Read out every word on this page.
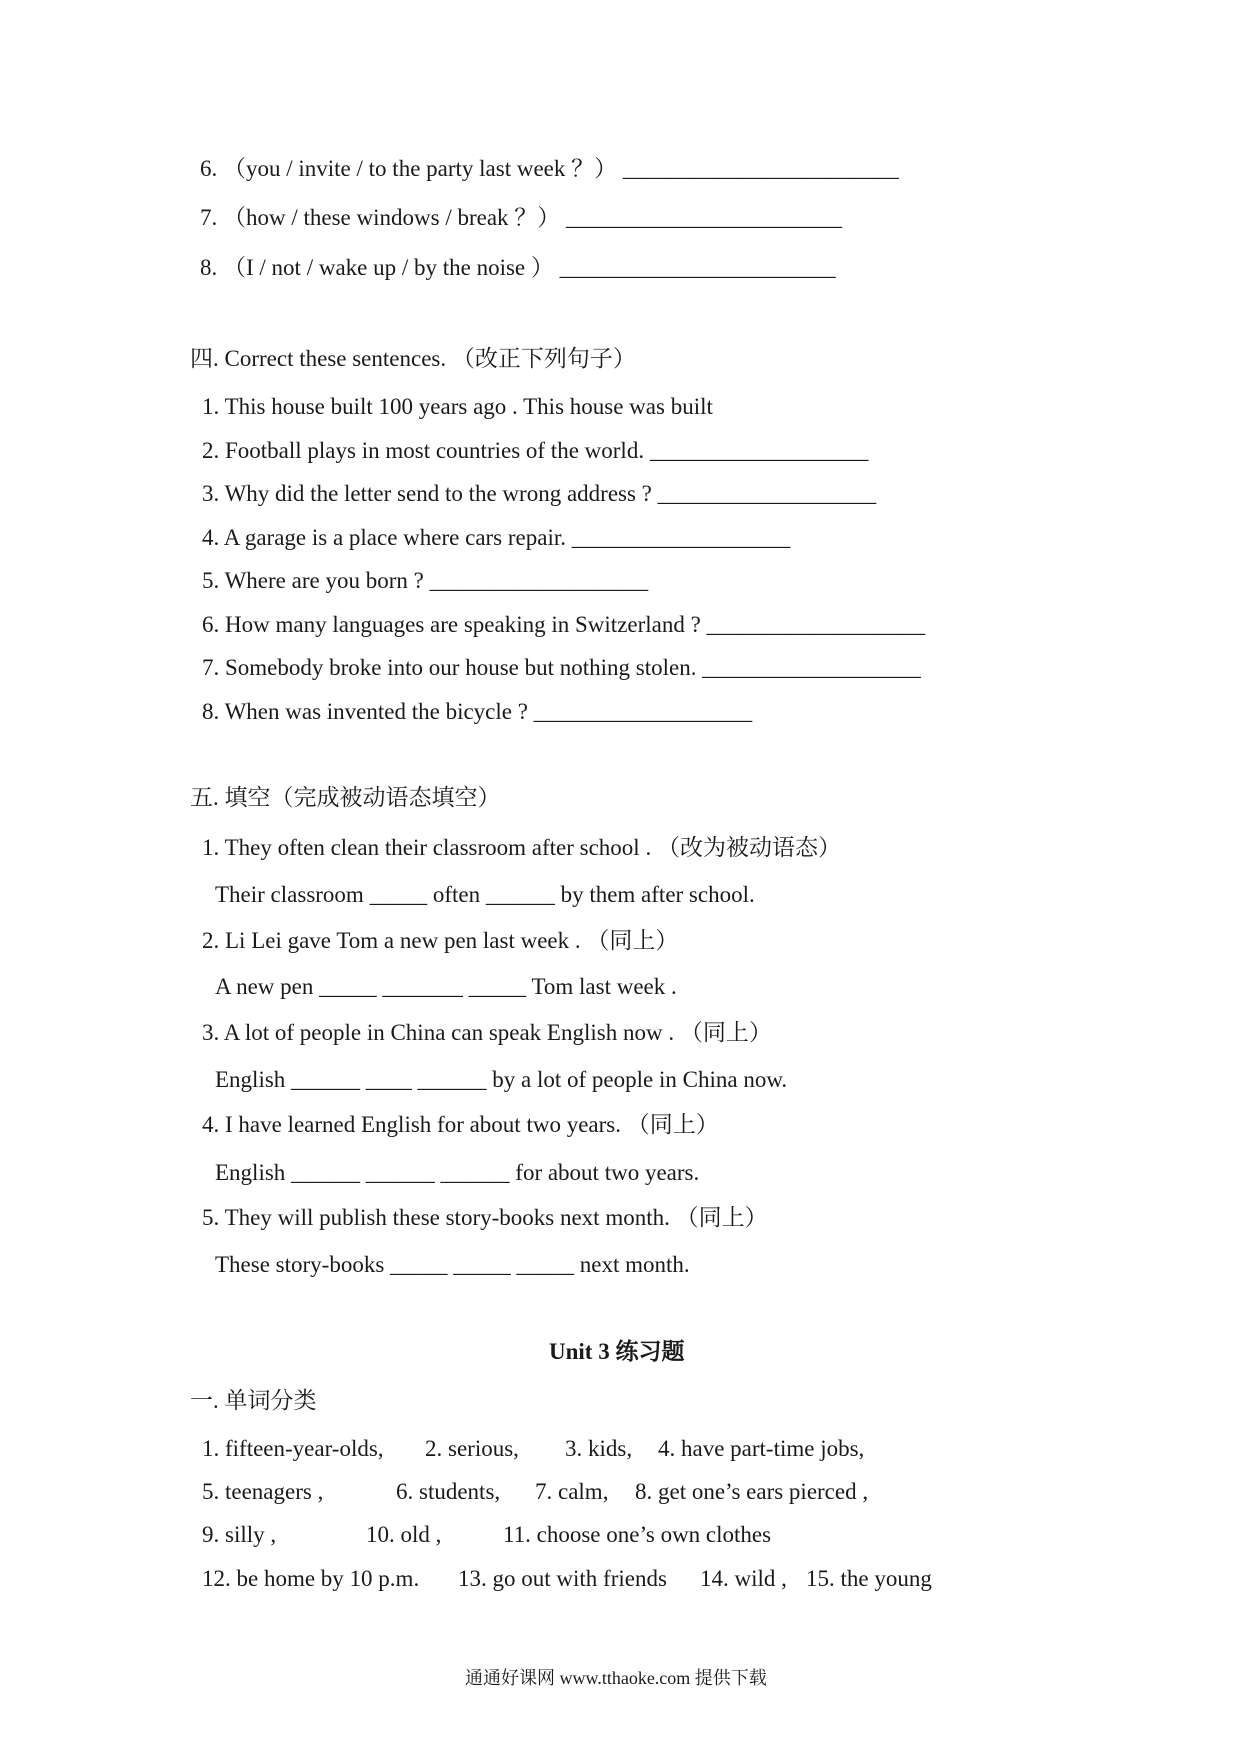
6. （you / invite / to the party last week ？） ________________________
7. （how / these windows / break ？） ________________________
8. （I / not / wake up / by the noise ） ________________________
四. Correct these sentences. （改正下列句子）
1. This house built 100 years ago . This house was built
2. Football plays in most countries of the world. ___________________
3. Why did the letter send to the wrong address ? ___________________
4. A garage is a place where cars repair. ___________________
5. Where are you born ? ___________________
6. How many languages are speaking in Switzerland ? ___________________
7. Somebody broke into our house but nothing stolen. ___________________
8. When was invented the bicycle ? ___________________
五. 填空（完成被动语态填空）
1. They often clean their classroom after school . （改为被动语态）
Their classroom _____ often ______ by them after school.
2. Li Lei gave Tom a new pen last week . （同上）
A new pen _____ _______ _____ Tom last week .
3. A lot of people in China can speak English now . （同上）
English ______ ____ ______ by a lot of people in China now.
4. I have learned English for about two years. （同上）
English ______ ______ ______ for about two years.
5. They will publish these story-books next month. （同上）
These story-books _____ _____ _____ next month.
Unit 3 练习题
一. 单词分类
1. fifteen-year-olds, 2. serious, 3. kids, 4. have part-time jobs,
5. teenagers ,	6. students, 7. calm, 8. get one’s ears pierced ,
9. silly ,	10. old ,	11. choose one’s own clothes
12. be home by 10 p.m. 13. go out with friends 14. wild , 15. the young
通通好课网 www.tthaoke.com 提供下载
